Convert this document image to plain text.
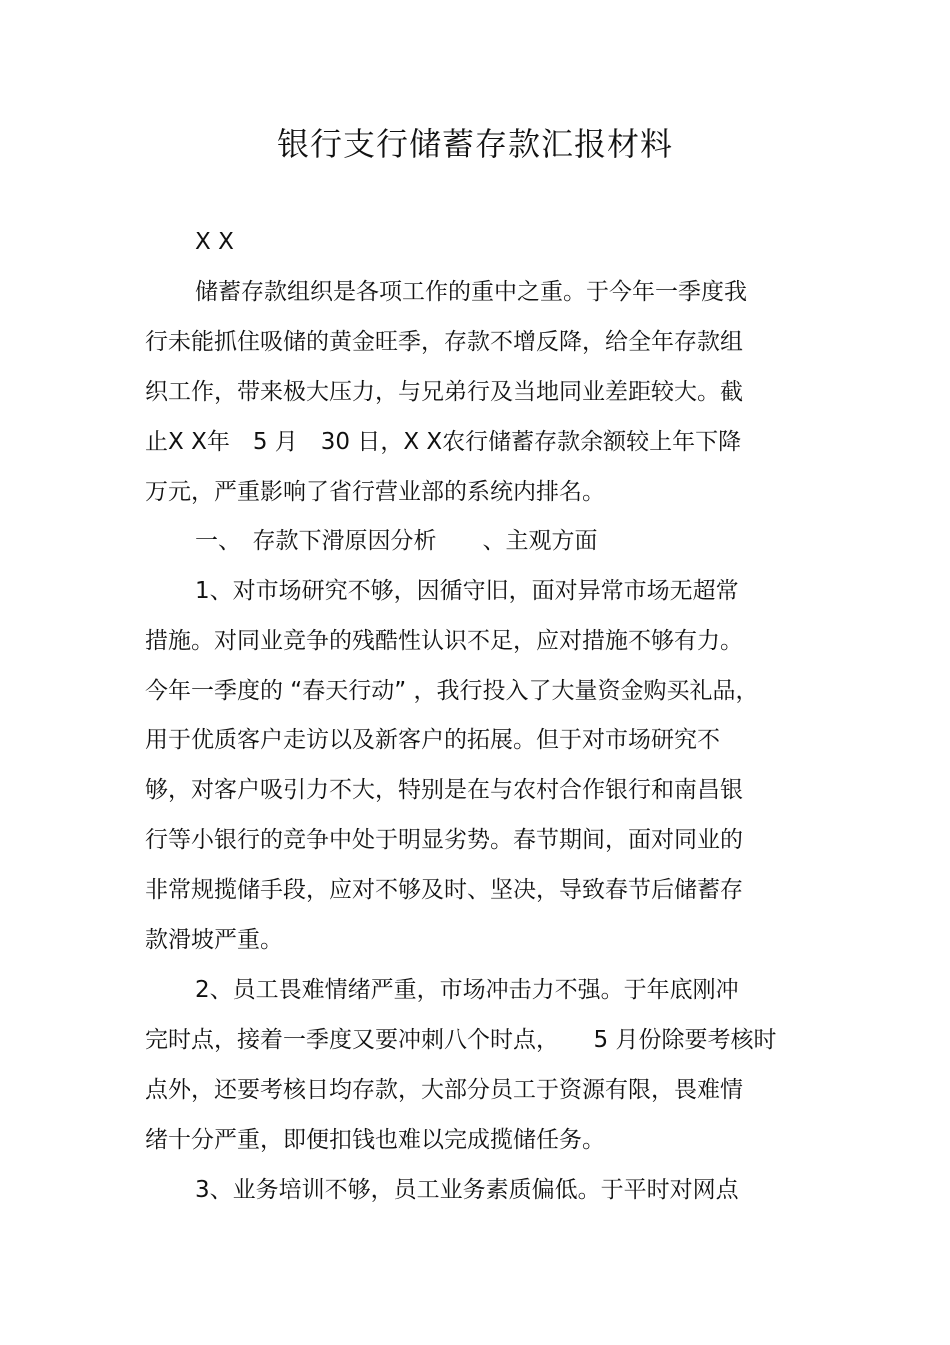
银行支行储蓄存款汇报材料
X X
储蓄存款组织是各项工作的重中之重。于今年一季度我
行未能抓住吸储的黄金旺季，存款不增反降，给全年存款组
织工作，带来极大压力，与兄弟行及当地同业差距较大。截
止X X年　5 月　30 日，X X农行储蓄存款余额较上年下降
万元，严重影响了省行营业部的系统内排名。
一、　存款下滑原因分析　　、主观方面
1、对市场研究不够，因循守旧，面对异常市场无超常
措施。对同业竞争的残酷性认识不足，应对措施不够有力。
今年一季度的 “春天行动” ，我行投入了大量资金购买礼品，
用于优质客户走访以及新客户的拓展。但于对市场研究不
够，对客户吸引力不大，特别是在与农村合作银行和南昌银
行等小银行的竞争中处于明显劣势。春节期间，面对同业的
非常规揽储手段，应对不够及时、坚决，导致春节后储蓄存
款滑坡严重。
2、员工畏难情绪严重，市场冲击力不强。于年底刚冲
完时点，接着一季度又要冲刺八个时点，　　5 月份除要考核时
点外，还要考核日均存款，大部分员工于资源有限，畏难情
绪十分严重，即便扣钱也难以完成揽储任务。
3、业务培训不够，员工业务素质偏低。于平时对网点
